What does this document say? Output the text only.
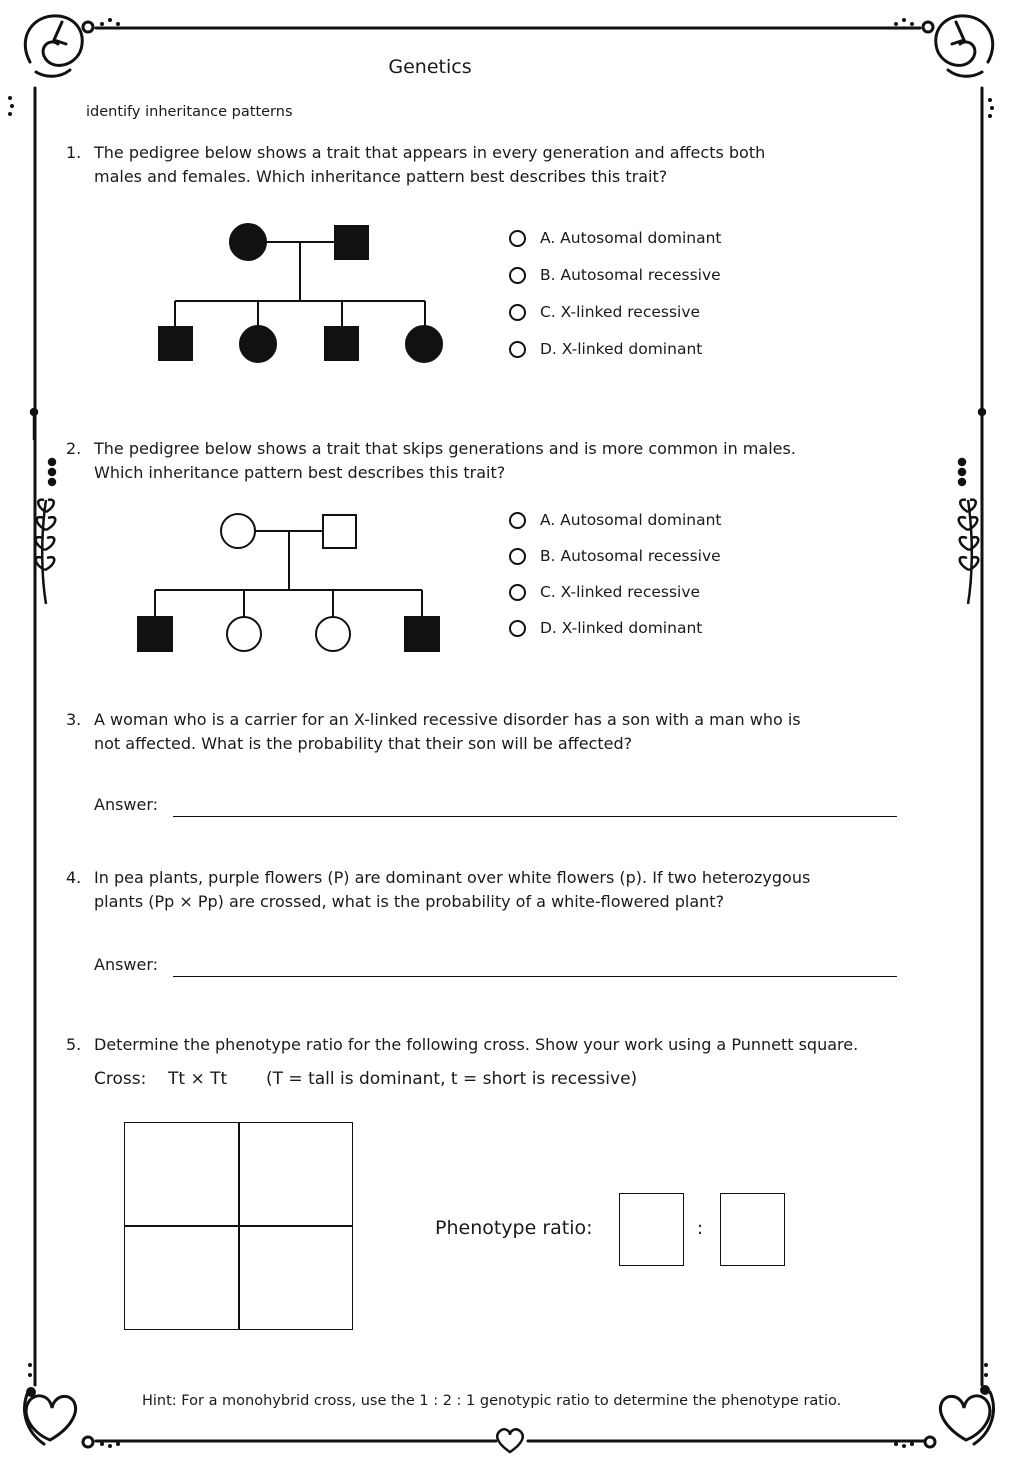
Genetics
identify inheritance patterns
1. The pedigree below shows a trait that appears in every generation and affects both
males and females. Which inheritance pattern best describes this trait?
A. Autosomal dominant
B. Autosomal recessive
C. X-linked recessive
D. X-linked dominant
2. The pedigree below shows a trait that skips generations and is more common in males.
Which inheritance pattern best describes this trait?
A. Autosomal dominant
B. Autosomal recessive
C. X-linked recessive
D. X-linked dominant
3. A woman who is a carrier for an X-linked recessive disorder has a son with a man who is
not affected. What is the probability that their son will be affected?
Answer:
4. In pea plants, purple flowers (P) are dominant over white flowers (p). If two heterozygous
plants (Pp × Pp) are crossed, what is the probability of a white-flowered plant?
Answer:
5. Determine the phenotype ratio for the following cross. Show your work using a Punnett square.
Cross: Tt × Tt (T = tall is dominant, t = short is recessive)
Phenotype ratio:	:
Hint: For a monohybrid cross, use the 1 : 2 : 1 genotypic ratio to determine the phenotype ratio.
